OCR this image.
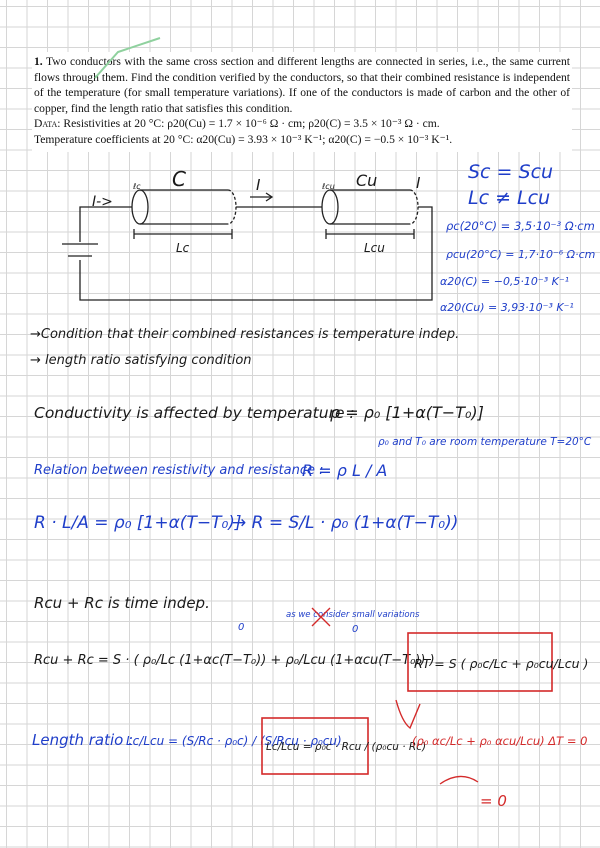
1. Two conductors with the same cross section and different lengths are connected in series, i.e., the same current flows through them. Find the condition verified by the conductors, so that their combined resistance is independent of the temperature (for small temperature variations). If one of the conductors is made of carbon and the other of copper, find the length ratio that satisfies this condition.
Data: Resistivities at 20 °C: ρ20(Cu) = 1.7 × 10⁻⁶ Ω · cm; ρ20(C) = 3.5 × 10⁻³ Ω · cm.
Temperature coefficients at 20 °C: α20(Cu) = 3.93 × 10⁻³ K⁻¹; α20(C) = −0.5 × 10⁻³ K⁻¹.
C	Cu
I	I
I->
ℓc	ℓcu
Lc	Lcu
Sc = Scu
Lc ≠ Lcu
ρc(20°C) = 3,5·10⁻³ Ω·cm
ρcu(20°C) = 1,7·10⁻⁶ Ω·cm
α20(C) = −0,5·10⁻³ K⁻¹
α20(Cu) = 3,93·10⁻³ K⁻¹
→Condition that their combined resistances is temperature indep.
→ length ratio satisfying condition
Conductivity is affected by temperature :
ρ = ρ₀ [1+α(T−T₀)]
ρ₀ and T₀ are room temperature T=20°C
Relation between resistivity and resistance :
R = ρ L / A
R · L/A = ρ₀ [1+α(T−T₀)]
→ R = S/L · ρ₀ (1+α(T−T₀))
Rcu + Rc is time indep.
as we consider small variations
0	0
Rcu + Rc = S · ( ρ₀/Lc (1+αc(T−T₀)) + ρ₀/Lcu (1+αcu(T−T₀)) )
RT = S ( ρ₀c/Lc + ρ₀cu/Lcu )
Length ratio :
Lc/Lcu = (S/Rc · ρ₀c) / (S/Rcu · ρ₀cu)
Lc/Lcu = ρ₀c · Rcu / (ρ₀cu · Rc)
(ρ₀ αc/Lc + ρ₀ αcu/Lcu) ΔT = 0
= 0
